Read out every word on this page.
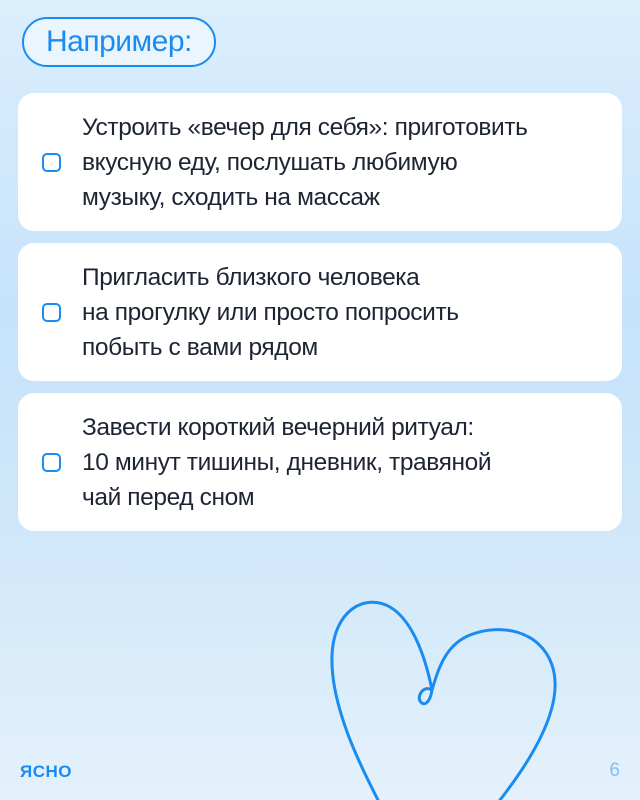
Например:
Устроить «вечер для себя»: приготовить
вкусную еду, послушать любимую
музыку, сходить на массаж
Пригласить близкого человека
на прогулку или просто попросить
побыть с вами рядом
Завести короткий вечерний ритуал:
10 минут тишины, дневник, травяной
чай перед сном
ЯСНО	6
